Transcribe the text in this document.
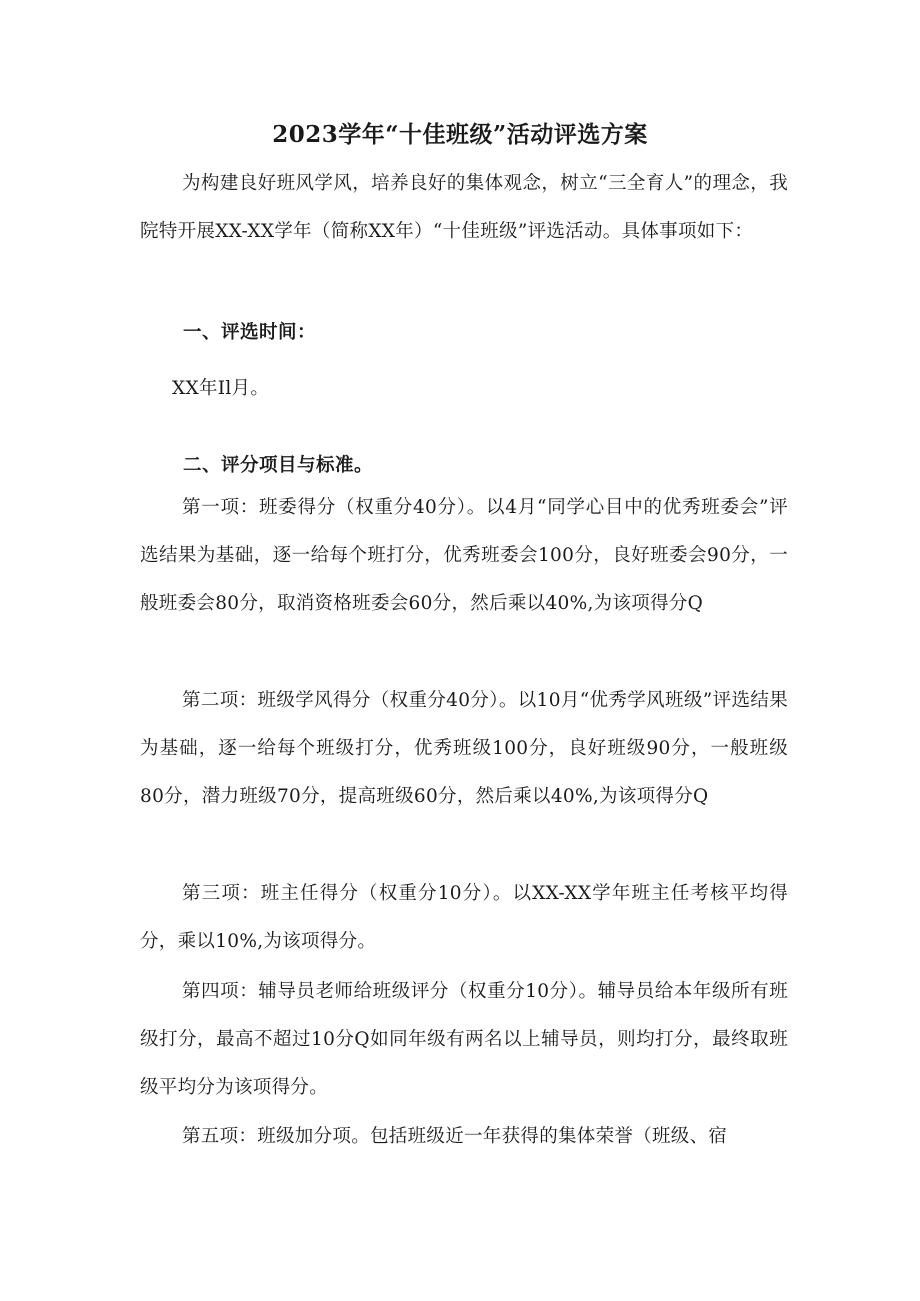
2023学年“十佳班级”活动评选方案

为构建良好班风学风，培养良好的集体观念，树立“三全育人”的理念，我院特开展XX-XX学年（简称XX年）“十佳班级”评选活动。具体事项如下：

一、评选时间：

XX年Il月。

二、评分项目与标准。

第一项：班委得分（权重分40分）。以4月“同学心目中的优秀班委会”评选结果为基础，逐一给每个班打分，优秀班委会100分，良好班委会90分，一般班委会80分，取消资格班委会60分，然后乘以40%,为该项得分Q

第二项：班级学风得分（权重分40分）。以10月“优秀学风班级”评选结果为基础，逐一给每个班级打分，优秀班级100分，良好班级90分，一般班级80分，潜力班级70分，提高班级60分，然后乘以40%,为该项得分Q

第三项：班主任得分（权重分10分）。以XX-XX学年班主任考核平均得分，乘以10%,为该项得分。

第四项：辅导员老师给班级评分（权重分10分）。辅导员给本年级所有班级打分，最高不超过10分Q如同年级有两名以上辅导员，则均打分，最终取班级平均分为该项得分。

第五项：班级加分项。包括班级近一年获得的集体荣誉（班级、宿
